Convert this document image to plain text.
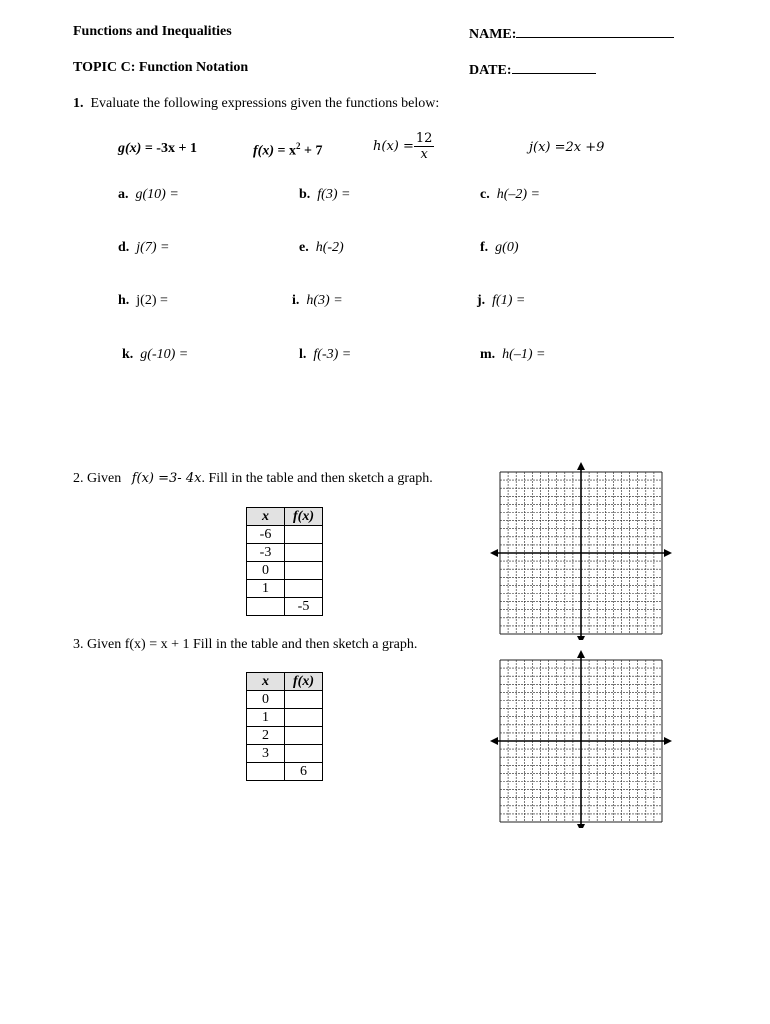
Functions and Inequalities	NAME:
TOPIC C: Function Notation	DATE:
1. Evaluate the following expressions given the functions below:
g(x) = -3x + 1	$f(x) = x^2 + 7$	$h(x) = \frac{12}{x}$	j(x) =2x +9
a. g(10) =	b. f(3) =	c. h(–2) =
d. j(7) =	e. h(-2)	f. g(0)
h. j(2) =	i. h(3) =	j. f(1) =
k. g(-10) =	l. f(-3) =	m. h(–1) =
2. Given f(x) =3- 4x. Fill in the table and then sketch a graph.
x	f(x)
-6	
-3	
0	
1	
	-5
3. Given f(x) = x + 1 Fill in the table and then sketch a graph.
x	f(x)
0	
1	
2	
3	
	6
